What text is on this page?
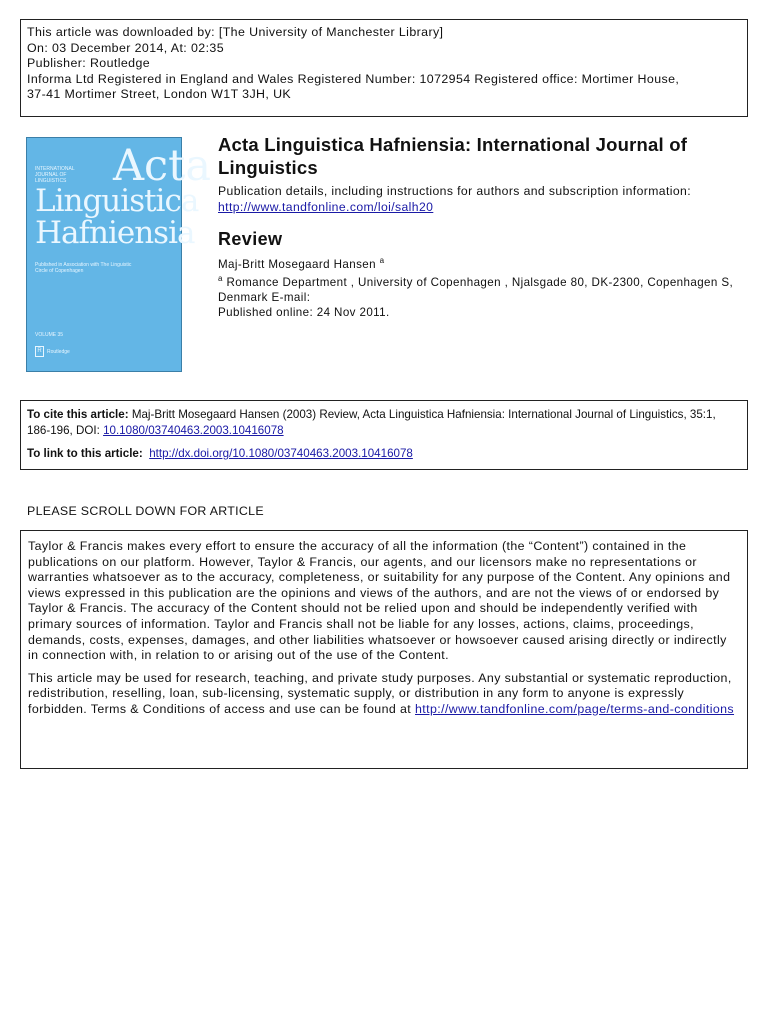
This article was downloaded by: [The University of Manchester Library]
On: 03 December 2014, At: 02:35
Publisher: Routledge
Informa Ltd Registered in England and Wales Registered Number: 1072954 Registered office: Mortimer House,
37-41 Mortimer Street, London W1T 3JH, UK
INTERNATIONAL JOURNAL OF LINGUISTICS	Acta
Linguistica
Hafniensia
Published in Association with The Linguistic Circle of Copenhagen
VOLUME 35
R	Routledge
Acta Linguistica Hafniensia: International Journal of Linguistics
Publication details, including instructions for authors and subscription information:
http://www.tandfonline.com/loi/salh20
Review
Maj-Britt Mosegaard Hansen $^a$
$^a$ Romance Department , University of Copenhagen , Njalsgade 80, DK-2300, Copenhagen S, Denmark E-mail:
Published online: 24 Nov 2011.
To cite this article: Maj-Britt Mosegaard Hansen (2003) Review, Acta Linguistica Hafniensia: International Journal of Linguistics, 35:1, 186-196, DOI: 10.1080/03740463.2003.10416078
To link to this article: http://dx.doi.org/10.1080/03740463.2003.10416078
PLEASE SCROLL DOWN FOR ARTICLE

Taylor & Francis makes every effort to ensure the accuracy of all the information (the “Content”) contained in the publications on our platform. However, Taylor & Francis, our agents, and our licensors make no representations or warranties whatsoever as to the accuracy, completeness, or suitability for any purpose of the Content. Any opinions and views expressed in this publication are the opinions and views of the authors, and are not the views of or endorsed by Taylor & Francis. The accuracy of the Content should not be relied upon and should be independently verified with primary sources of information. Taylor and Francis shall not be liable for any losses, actions, claims, proceedings, demands, costs, expenses, damages, and other liabilities whatsoever or howsoever caused arising directly or indirectly in connection with, in relation to or arising out of the use of the Content.

This article may be used for research, teaching, and private study purposes. Any substantial or systematic reproduction, redistribution, reselling, loan, sub-licensing, systematic supply, or distribution in any form to anyone is expressly forbidden. Terms & Conditions of access and use can be found at http://www.tandfonline.com/page/terms-and-conditions
